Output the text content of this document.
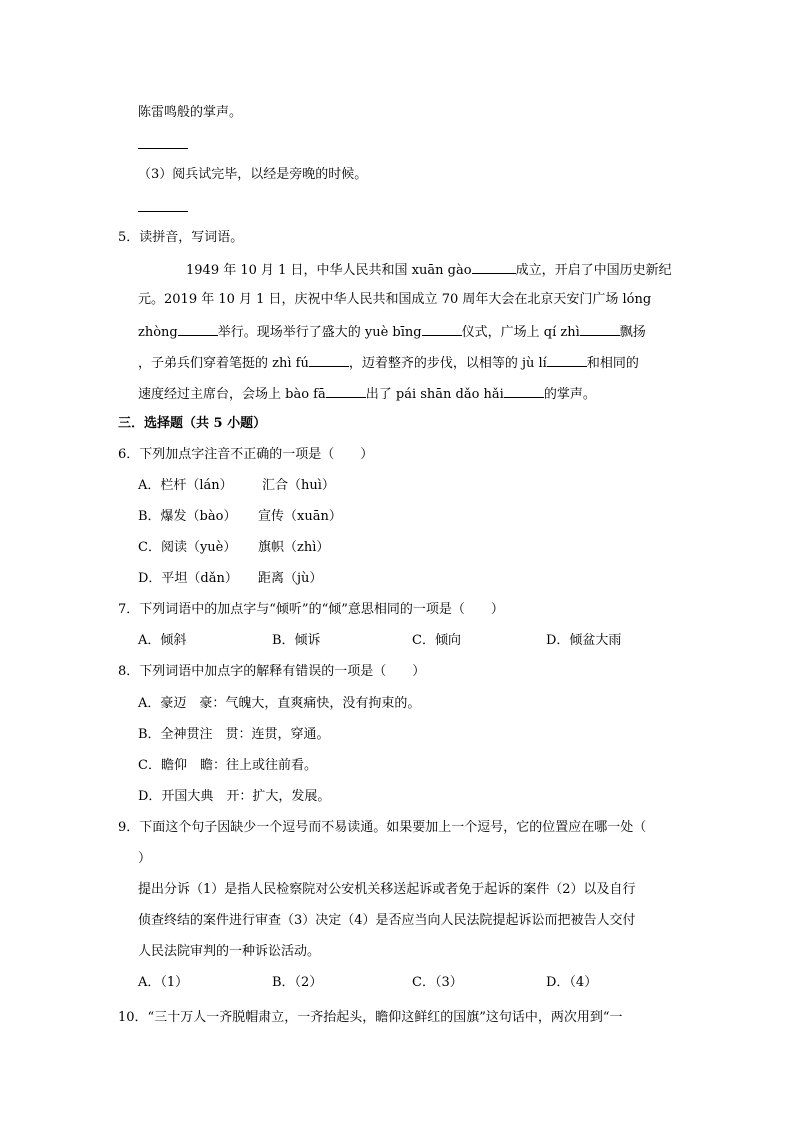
陈雷鸣般的掌声。
（3）阅兵试完毕，以经是旁晚的时候。
5．读拼音，写词语。
1949 年 10 月 1 日，中华人民共和国 xuān gào	成立，开启了中国历史新纪
元。2019 年 10 月 1 日，庆祝中华人民共和国成立 70 周年大会在北京天安门广场 lóng
zhòng	举行。现场举行了盛大的 yuè bīng	仪式，广场上 qí zhì	飘扬
，子弟兵们穿着笔挺的 zhì fú	，迈着整齐的步伐，以相等的 jù lí	和相同的
速度经过主席台，会场上 bào fā	出了 pái shān dǎo hǎi	的掌声。
三．选择题（共 5 小题）
6．下列加点字注音不正确的一项是（　　）
A．栏杆（lán） 汇合（huì）
B．爆发（bào） 宣传（xuān）
C．阅读（yuè） 旗帜（zhì）
D．平坦（dǎn） 距离（jù）
7．下列词语中的加点字与“倾听”的“倾”意思相同的一项是（　　）
A．倾斜	B．倾诉	C．倾向	D．倾盆大雨
8．下列词语中加点字的解释有错误的一项是（　　）
A．豪迈　豪：气魄大，直爽痛快，没有拘束的。
B．全神贯注　贯：连贯，穿通。
C．瞻仰　瞻：往上或往前看。
D．开国大典　开：扩大，发展。
9．下面这个句子因缺少一个逗号而不易读通。如果要加上一个逗号，它的位置应在哪一处（
）
提出分诉（1）是指人民检察院对公安机关移送起诉或者免于起诉的案件（2）以及自行
侦查终结的案件进行审查（3）决定（4）是否应当向人民法院提起诉讼而把被告人交付
人民法院审判的一种诉讼活动。
A．（1）	B．（2）	C．（3）	D．（4）
10．“三十万人一齐脱帽肃立，一齐抬起头，瞻仰这鲜红的国旗”这句话中，两次用到“一
